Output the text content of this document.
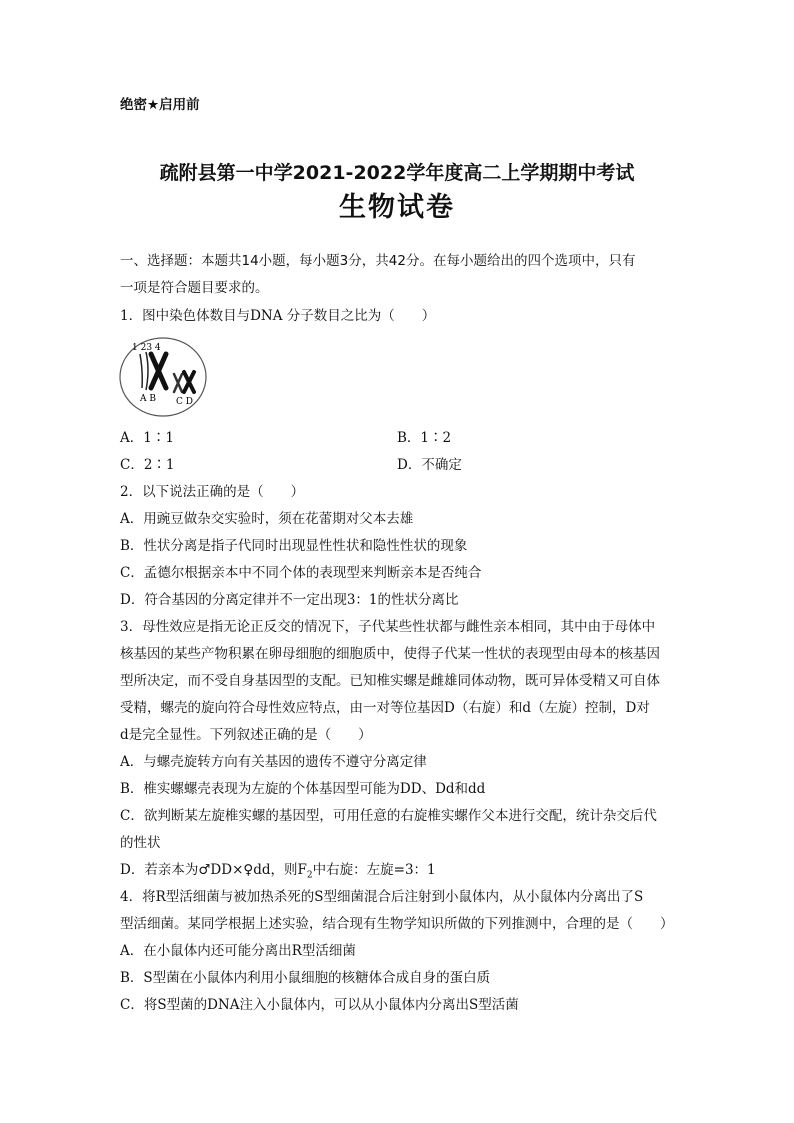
绝密★启用前
疏附县第一中学2021-2022学年度高二上学期期中考试
生物试卷
一、选择题：本题共14小题，每小题3分，共42分。在每小题给出的四个选项中，只有
一项是符合题目要求的。
1．图中染色体数目与DNA 分子数目之比为（　　）
1 23 4
A B C D
A．1∶1	B．1∶2
C．2∶1	D．不确定
2．以下说法正确的是（　　）
A．用豌豆做杂交实验时，须在花蕾期对父本去雄
B．性状分离是指子代同时出现显性性状和隐性性状的现象
C．孟德尔根据亲本中不同个体的表现型来判断亲本是否纯合
D．符合基因的分离定律并不一定出现3：1的性状分离比
3．母性效应是指无论正反交的情况下，子代某些性状都与雌性亲本相同，其中由于母体中
核基因的某些产物积累在卵母细胞的细胞质中，使得子代某一性状的表现型由母本的核基因
型所决定，而不受自身基因型的支配。已知椎实螺是雌雄同体动物，既可异体受精又可自体
受精，螺壳的旋向符合母性效应特点，由一对等位基因D（右旋）和d（左旋）控制，D对
d是完全显性。下列叙述正确的是（　　）
A．与螺壳旋转方向有关基因的遗传不遵守分离定律
B．椎实螺螺壳表现为左旋的个体基因型可能为DD、Dd和dd
C．欲判断某左旋椎实螺的基因型，可用任意的右旋椎实螺作父本进行交配，统计杂交后代
的性状
D．若亲本为♂DD×♀dd，则$F_2$中右旋：左旋=3：1
4．将R型活细菌与被加热杀死的S型细菌混合后注射到小鼠体内，从小鼠体内分离出了S
型活细菌。某同学根据上述实验，结合现有生物学知识所做的下列推测中，合理的是（　　）
A．在小鼠体内还可能分离出R型活细菌
B．S型菌在小鼠体内利用小鼠细胞的核糖体合成自身的蛋白质
C．将S型菌的DNA注入小鼠体内，可以从小鼠体内分离出S型活菌
